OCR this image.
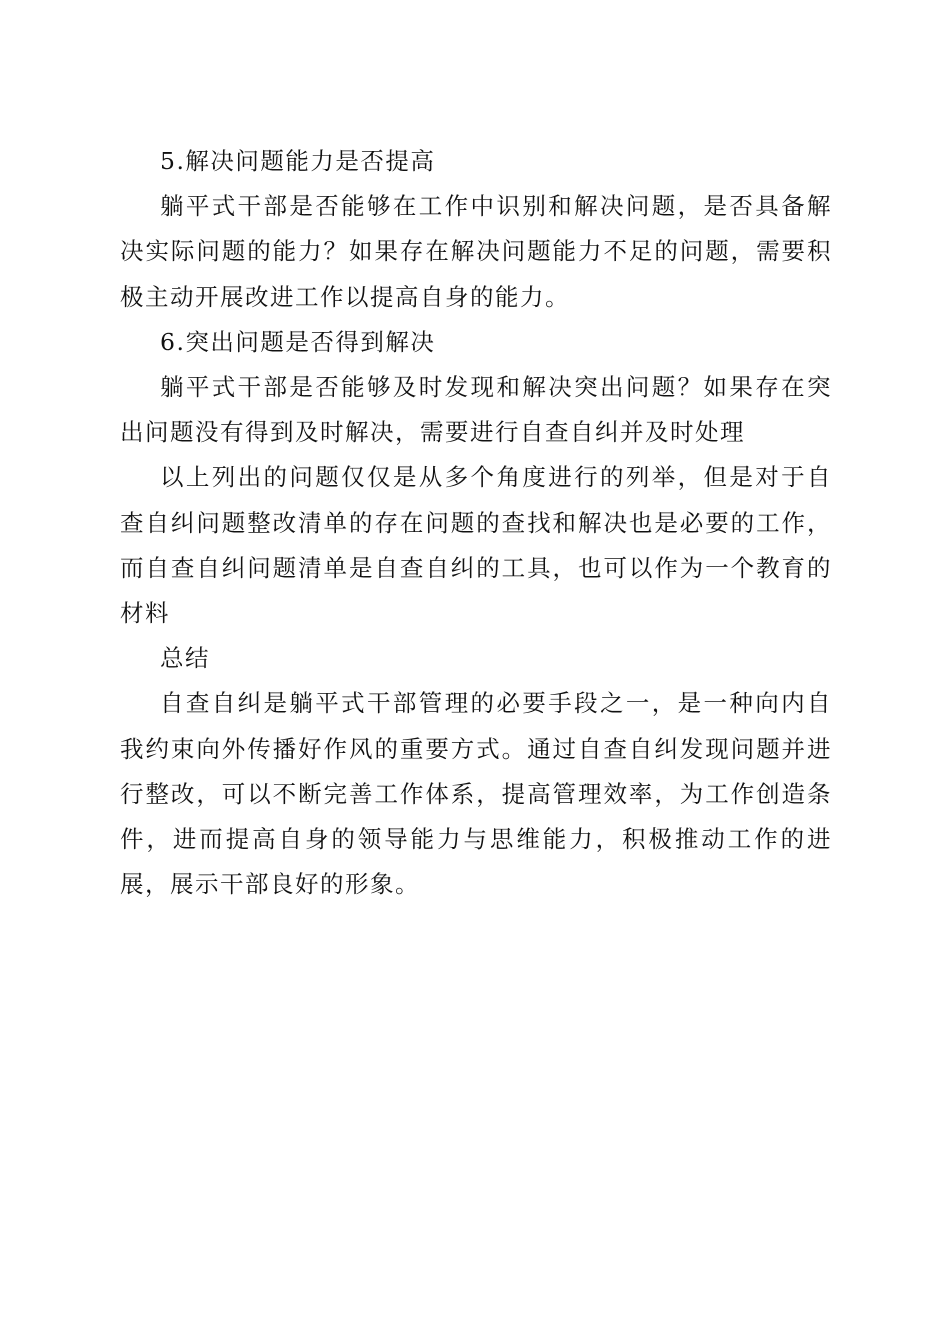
5.解决问题能力是否提高

躺平式干部是否能够在工作中识别和解决问题，是否具备解决实际问题的能力？如果存在解决问题能力不足的问题，需要积极主动开展改进工作以提高自身的能力。

6.突出问题是否得到解决

躺平式干部是否能够及时发现和解决突出问题？如果存在突出问题没有得到及时解决，需要进行自查自纠并及时处理

以上列出的问题仅仅是从多个角度进行的列举，但是对于自查自纠问题整改清单的存在问题的查找和解决也是必要的工作，而自查自纠问题清单是自查自纠的工具，也可以作为一个教育的材料

总结

自查自纠是躺平式干部管理的必要手段之一，是一种向内自我约束向外传播好作风的重要方式。通过自查自纠发现问题并进行整改，可以不断完善工作体系，提高管理效率，为工作创造条件，进而提高自身的领导能力与思维能力，积极推动工作的进展，展示干部良好的形象。
